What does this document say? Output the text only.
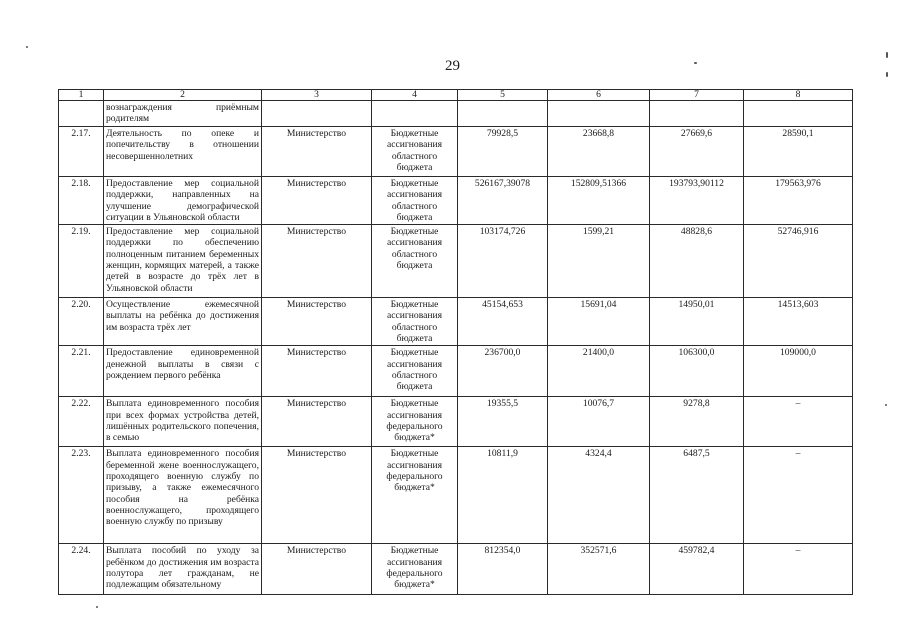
29
1	2	3	4	5	6	7	8
	вознаграждения приёмным родителям						
2.17.	Деятельность по опеке и попечительству в отношении несовершеннолетних	Министерство	Бюджетные ассигнования областного бюджета	79928,5	23668,8	27669,6	28590,1
2.18.	Предоставление мер социальной поддержки, направленных на улучшение демографической ситуации в Ульяновской области	Министерство	Бюджетные ассигнования областного бюджета	526167,39078	152809,51366	193793,90112	179563,976
2.19.	Предоставление мер социальной поддержки по обеспечению полноценным питанием беременных женщин, кормящих матерей, а также детей в возрасте до трёх лет в Ульяновской области	Министерство	Бюджетные ассигнования областного бюджета	103174,726	1599,21	48828,6	52746,916
2.20.	Осуществление ежемесячной выплаты на ребёнка до достижения им возраста трёх лет	Министерство	Бюджетные ассигнования областного бюджета	45154,653	15691,04	14950,01	14513,603
2.21.	Предоставление единовременной денежной выплаты в связи с рождением первого ребёнка	Министерство	Бюджетные ассигнования областного бюджета	236700,0	21400,0	106300,0	109000,0
2.22.	Выплата единовременного пособия при всех формах устройства детей, лишённых родительского попечения, в семью	Министерство	Бюджетные ассигнования федерального бюджета*	19355,5	10076,7	9278,8	–
2.23.	Выплата единовременного пособия беременной жене военнослужащего, проходящего военную службу по призыву, а также ежемесячного пособия на ребёнка военнослужащего, проходящего военную службу по призыву	Министерство	Бюджетные ассигнования федерального бюджета*	10811,9	4324,4	6487,5	–
2.24.	Выплата пособий по уходу за ребёнком до достижения им возраста полутора лет гражданам, не подлежащим обязательному	Министерство	Бюджетные ассигнования федерального бюджета*	812354,0	352571,6	459782,4	–
